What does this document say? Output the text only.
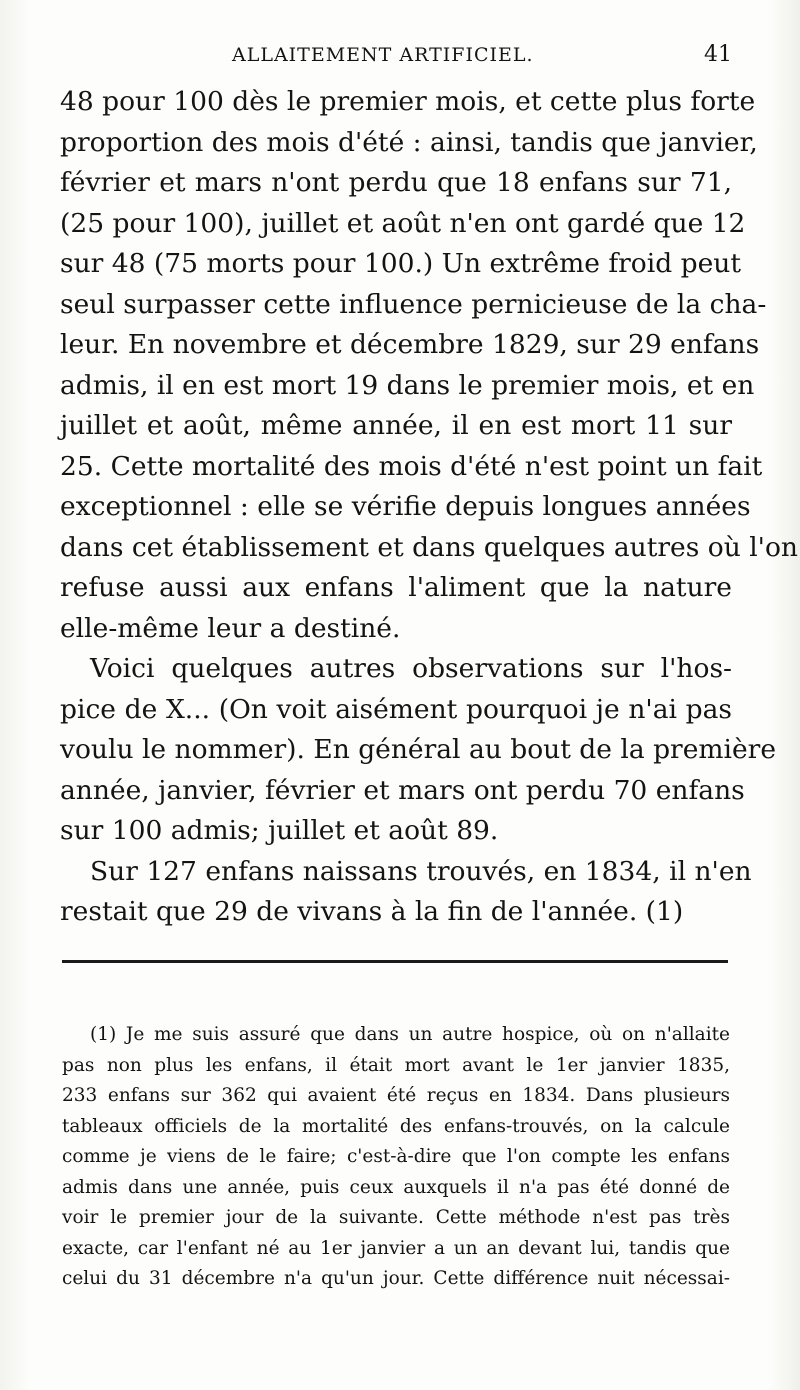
ALLAITEMENT ARTIFICIEL.	41
48 pour 100 dès le premier mois, et cette plus forte
proportion des mois d'été : ainsi, tandis que janvier,
février et mars n'ont perdu que 18 enfans sur 71,
(25 pour 100), juillet et août n'en ont gardé que 12
sur 48 (75 morts pour 100.) Un extrême froid peut
seul surpasser cette influence pernicieuse de la cha-
leur. En novembre et décembre 1829, sur 29 enfans
admis, il en est mort 19 dans le premier mois, et en
juillet et août, même année, il en est mort 11 sur
25. Cette mortalité des mois d'été n'est point un fait
exceptionnel : elle se vérifie depuis longues années
dans cet établissement et dans quelques autres où l'on
refuse aussi aux enfans l'aliment que la nature
elle-même leur a destiné.
Voici quelques autres observations sur l'hos-
pice de X... (On voit aisément pourquoi je n'ai pas
voulu le nommer). En général au bout de la première
année, janvier, février et mars ont perdu 70 enfans
sur 100 admis; juillet et août 89.
Sur 127 enfans naissans trouvés, en 1834, il n'en
restait que 29 de vivans à la fin de l'année. (1)
(1) Je me suis assuré que dans un autre hospice, où on n'allaite
pas non plus les enfans, il était mort avant le 1er janvier 1835,
233 enfans sur 362 qui avaient été reçus en 1834. Dans plusieurs
tableaux officiels de la mortalité des enfans-trouvés, on la calcule
comme je viens de le faire; c'est-à-dire que l'on compte les enfans
admis dans une année, puis ceux auxquels il n'a pas été donné de
voir le premier jour de la suivante. Cette méthode n'est pas très
exacte, car l'enfant né au 1er janvier a un an devant lui, tandis que
celui du 31 décembre n'a qu'un jour. Cette différence nuit nécessai-
